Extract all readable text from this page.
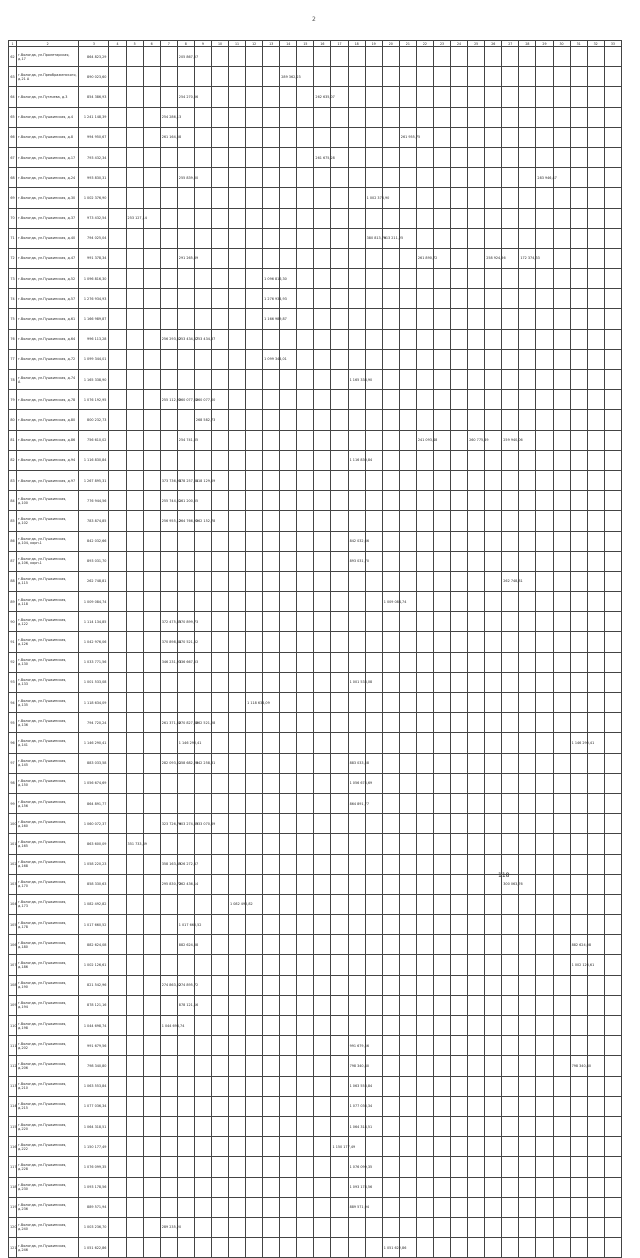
2
1	2	3	4	5	6	7	8	9	10	11	12	13	14	15	16	17	18	19	20	21	22	23	24	25	26	27	28	29	30	31	32	33
62	г.Вологда, ул.Пролетарская, д.17	864 823,29					205 867,57																									
63	г.Вологда, ул.Преображенского, д.21 А	890 023,60											289 362,23																			
64	г.Вологда, ул.Пугачева, д.3	854 386,93					254 270,56								262 635,07																	
65	г.Вологда, ул.Пушкинская, д.4	1 241 148,39				254 286,13																										
66	г.Вологда, ул.Пушкинская, д.8	994 950,67				261 164,58														261 955,75												
67	г.Вологда, ул.Пушкинская, д.17	793 432,34													261 675,28																	
68	г.Вологда, ул.Пушкинская, д.24	993 830,31					255 839,00																					283 946,47				
69	г.Вологда, ул.Пушкинская, д.30	1 002 376,90																1 002 376,90														
70	г.Вологда, ул.Пушкинская, д.37	973 432,54		253 127,14																												
71	г.Вологда, ул.Пушкинская, д.40	794 025,04																380 813,79	413 211,25													
72	г.Вологда, ул.Пушкинская, д.47	991 378,34					291 265,69														261 890,72				258 924,56		172 374,33					
73	г.Вологда, ул.Пушкинская, д.52	1 096 816,30										1 096 816,30																				
74	г.Вологда, ул.Пушкинская, д.57	1 276 934,93										1 276 934,93																				
75	г.Вологда, ул.Пушкинская, д.61	1 166 989,87										1 166 989,87																				
76	г.Вологда, ул.Пушкинская, д.64	996 113,28				256 293,62	253 434,37	253 434,37																								
77	г.Вологда, ул.Пушкинская, д.72	1 099 344,01										1 099 344,01																				
78	г.Вологда, ул.Пушкинская, д.74 А	1 165 338,90															1 165 338,90															
79	г.Вологда, ул.Пушкинская, д.78	1 076 192,95				255 112,95	260 077,00	260 077,00																								
80	г.Вологда, ул.Пушкинская, д.80	800 232,73						268 582,73																								
81	г.Вологда, ул.Пушкинская, д.86	756 610,02					254 741,05														241 093,48			260 775,49		259 940,06						
82	г.Вологда, ул.Пушкинская, д.94	1 116 830,84															1 116 830,84															
83	г.Вологда, ул.Пушкинская, д.97	1 267 895,31				373 736,98	378 257,35	418 129,09																								
84	г.Вологда, ул.Пушкинская, д.100	776 944,56				255 744,01	261 200,55																									
85	г.Вологда, ул.Пушкинская, д.102	783 874,85				256 955,12	264 766,95	262 152,78																								
86	г.Вологда, ул.Пушкинская, д.104, корп.1	842 032,66															842 032,66															
87	г.Вологда, ул.Пушкинская, д.106, корп.1	893 031,70															893 031,70															
88	г.Вологда, ул.Пушкинская, д.115	262 748,81																								262 748,81						
89	г.Вологда, ул.Пушкинская, д.118	1 009 084,74																	1 009 084,74													
90	г.Вологда, ул.Пушкинская, д.122	1 114 134,85				372 475,85	370 899,73																									
91	г.Вологда, ул.Пушкинская, д.126	1 042 976,06				370 898,84	370 521,52																									
92	г.Вологда, ул.Пушкинская, д.130	1 033 771,56				346 231,93	336 667,53																									
93	г.Вологда, ул.Пушкинская, д.133	1 001 533,08															1 001 533,08															
94	г.Вологда, ул.Пушкинская, д.135	1 118 634,09									1 118 634,09																					
95	г.Вологда, ул.Пушкинская, д.136	794 720,24				261 371,60	270 827,36	262 521,28																								
96	г.Вологда, ул.Пушкинская, д.141	1 146 290,41					1 146 290,41																							1 146 290,41		
97	г.Вологда, ул.Пушкинская, д.145	883 033,58				282 093,01	258 682,26	342 258,31									883 033,58															
98	г.Вологда, ул.Пушкинская, д.150	1 056 674,69															1 056 674,69															
99	г.Вологда, ул.Пушкинская, д.156	864 891,77															864 891,77															
100	г.Вологда, ул.Пушкинская, д.160	1 060 072,37				323 726,79	403 274,89	333 070,69																								
101	г.Вологда, ул.Пушкинская, д.165	863 600,09		351 733,39																												
102	г.Вологда, ул.Пушкинская, д.168	1 058 220,23				358 163,49	326 272,67																									
103	г.Вологда, ул.Пушкинская, д.170	858 330,63				295 830,73	262 436,14																			300 063,76						
104	г.Вологда, ул.Пушкинская, д.173	1 082 492,82								1 082 492,82																						
105	г.Вологда, ул.Пушкинская, д.178	1 017 660,52					1 017 660,52																									
106	г.Вологда, ул.Пушкинская, д.180	882 624,08					882 624,08																							882 624,08		
107	г.Вологда, ул.Пушкинская, д.186	1 002 126,61																												1 002 126,61		
108	г.Вологда, ул.Пушкинская, д.190	821 542,96				274 863,02	274 895,72																									
109	г.Вологда, ул.Пушкинская, д.194	878 121,16					878 121,16																									
110	г.Вологда, ул.Пушкинская, д.198	1 044 698,74				1 044 698,74																										
111	г.Вологда, ул.Пушкинская, д.202	991 679,56															991 679,56															
112	г.Вологда, ул.Пушкинская, д.206	798 340,80															798 340,80													798 340,80		
113	г.Вологда, ул.Пушкинская, д.210	1 063 553,84															1 063 553,84															
114	г.Вологда, ул.Пушкинская, д.215	1 077 036,34															1 077 036,34															
115	г.Вологда, ул.Пушкинская, д.220	1 064 318,51															1 064 318,51															
116	г.Вологда, ул.Пушкинская, д.222	1 150 177,49														1 150 177,49																
117	г.Вологда, ул.Пушкинская, д.228	1 076 099,35															1 076 099,35															
118	г.Вологда, ул.Пушкинская, д.230	1 093 178,56															1 093 178,56															
119	г.Вологда, ул.Пушкинская, д.236	889 571,94															889 571,94															
120	г.Вологда, ул.Пушкинская, д.240	1 003 236,70				289 235,20																										
121	г.Вологда, ул.Пушкинская, д.246	1 051 622,86																	1 051 622,86													
118
